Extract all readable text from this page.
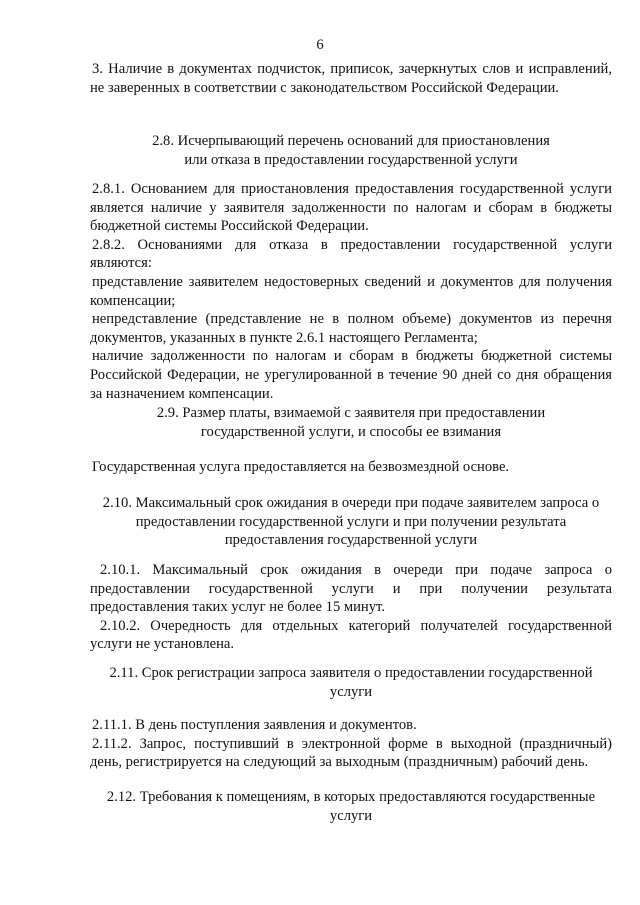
6

3. Наличие в документах подчисток, приписок, зачеркнутых слов и исправлений, не заверенных в соответствии с законодательством Российской Федерации.

2.8. Исчерпывающий перечень оснований для приостановления
или отказа в предоставлении государственной услуги

2.8.1. Основанием для приостановления предоставления государственной услуги является наличие у заявителя задолженности по налогам и сборам в бюджеты бюджетной системы Российской Федерации.

2.8.2. Основаниями для отказа в предоставлении государственной услуги являются:

представление заявителем недостоверных сведений и документов для получения компенсации;

непредставление (представление не в полном объеме) документов из перечня документов, указанных в пункте 2.6.1 настоящего Регламента;

наличие задолженности по налогам и сборам в бюджеты бюджетной системы Российской Федерации, не урегулированной в течение 90 дней со дня обращения за назначением компенсации.

2.9. Размер платы, взимаемой с заявителя при предоставлении
государственной услуги, и способы ее взимания

Государственная услуга предоставляется на безвозмездной основе.

2.10. Максимальный срок ожидания в очереди при подаче заявителем запроса о
предоставлении государственной услуги и при получении результата
предоставления государственной услуги

2.10.1. Максимальный срок ожидания в очереди при подаче запроса о предоставлении государственной услуги и при получении результата предоставления таких услуг не более 15 минут.

2.10.2. Очередность для отдельных категорий получателей государственной услуги не установлена.

2.11. Срок регистрации запроса заявителя о предоставлении государственной
услуги

2.11.1. В день поступления заявления и документов.

2.11.2. Запрос, поступивший в электронной форме в выходной (праздничный) день, регистрируется на следующий за выходным (праздничным) рабочий день.

2.12. Требования к помещениям, в которых предоставляются государственные
услуги
